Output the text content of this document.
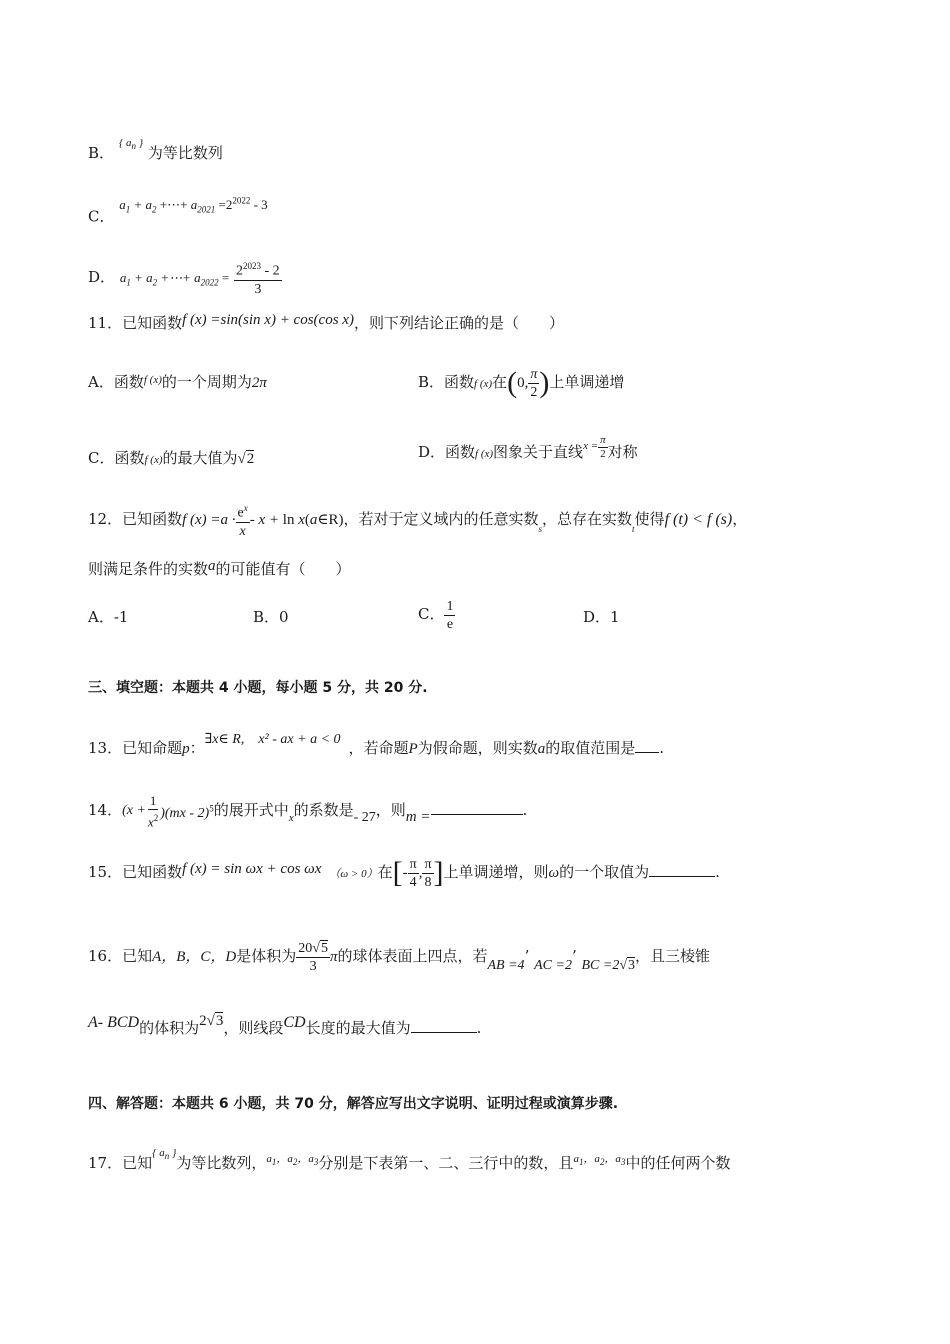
B． $^{\{ a_n \}}$ 为等比数列
C． $a_1 + a_2$ +⋯+ $a_{2021} =2^{2022} - 3$
D． $a_1 + a_2$ +⋯+ $a_{2022} = \frac{2^{2023} - 2}{3}$
11．已知函数f (x) =sin(sin x) + cos(cos x)，则下列结论正确的是（　　）
A．函数$^{f (x)}$的一个周期为2π	B．函数f (x)在(0, $\frac{\pi}{2}$ )上单调递增
C．函数f (x)的最大值为√2	D．函数f (x)图象关于直线$^{x =} \frac{\pi}{2}$ 对称
12．已知函数f $(x) =a \cdot \frac{e^x}{x} - x + \ln$ x(a∈R)，若对于定义域内的任意实数$_s$，总存在实数$_t$使得f (t) < f (s)，
则满足条件的实数a的可能值有（　　）
A．-1	B．0	C． $\frac{1}{e}$	D．1
三、填空题：本题共 4 小题，每小题 5 分，共 20 分.
13．已知命题p：∃x∈ R,　x² - ax + a < 0 ，若命题P为假命题，则实数a的取值范围是 .
14．$(x + \frac{1}{x^2} )(mx - 2)^5$的展开式中$_x$的系数是- 27，则m =	.
15．已知函数f (x) = sin ωx + cos ωx （ω > 0）在[- $\frac{\pi}{4}$ , $\frac{\pi}{8}$ ]上单调递增，则ω的一个取值为	.
16．已知A，B，C，D是体积为 $\frac{20√5}{3}$ π的球体表面上四点，若AB =4’ AC =2’ BC =2√3，且三棱锥
A- BCD的体积为2√3，则线段CD长度的最大值为	.
四、解答题：本题共 6 小题，共 70 分，解答应写出文字说明、证明过程或演算步骤.
17．已知$^{\{ a_n \}}$为等比数列，$^{a_1,a_2,a_3}$分别是下表第一、二、三行中的数，且$^{a_1,a_2,a_3}$中的任何两个数
